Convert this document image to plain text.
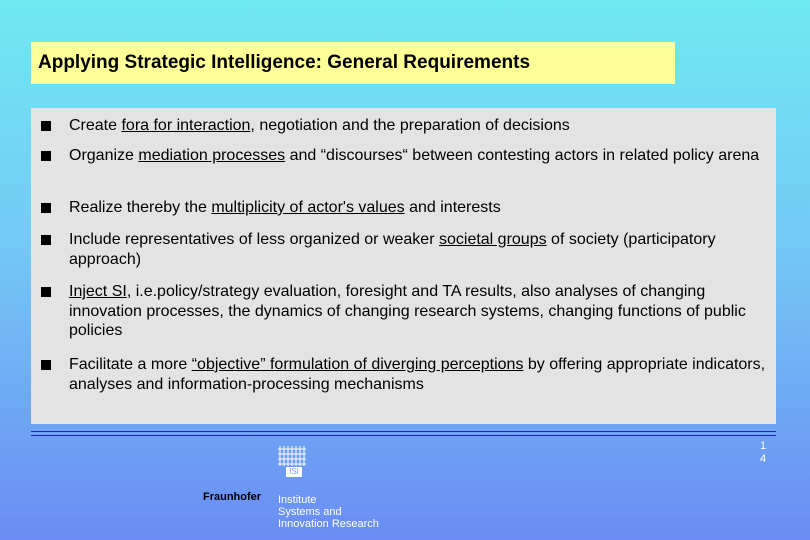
Applying Strategic Intelligence: General Requirements
Create fora for interaction, negotiation and the preparation of decisions
Organize mediation processes and “discourses“ between contesting actors in related policy arena
Realize thereby the multiplicity of actor's values and interests
Include representatives of less organized or weaker societal groups of society (participatory approach)
Inject SI, i.e.policy/strategy evaluation, foresight and TA results, also analyses of changing innovation processes, the dynamics of changing research systems, changing functions of public policies
Facilitate a more “objective” formulation of diverging perceptions by offering appropriate indicators, analyses and information-processing mechanisms
1
4
ISI
Fraunhofer Institute
Systems and
Innovation Research
